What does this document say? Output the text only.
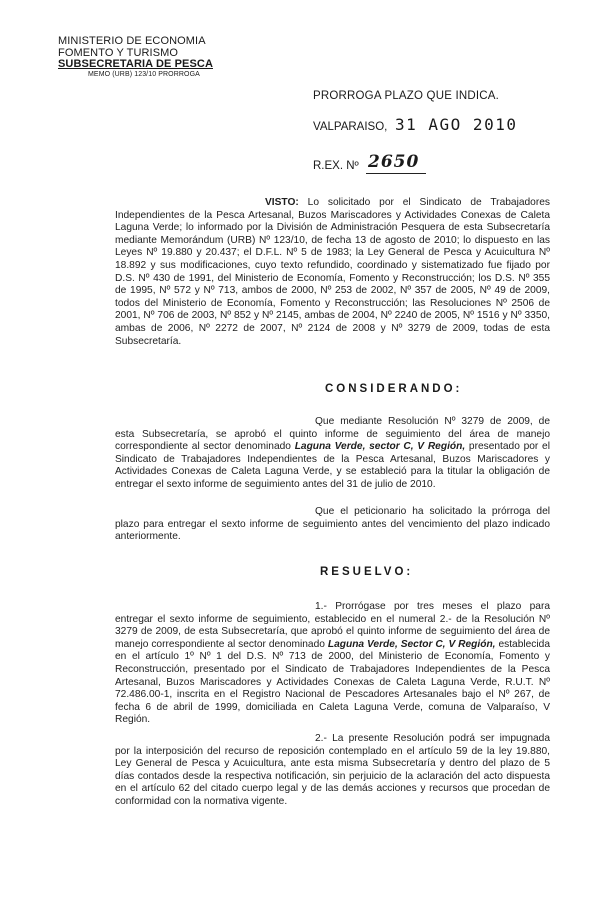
MINISTERIO DE ECONOMIA
FOMENTO Y TURISMO
SUBSECRETARIA DE PESCA
MEMO (URB) 123/10 PRORROGA
PRORROGA PLAZO QUE INDICA.
VALPARAISO, 31 AGO 2010
R.EX. Nº 2650
VISTO: Lo solicitado por el Sindicato de Trabajadores Independientes de la Pesca Artesanal, Buzos Mariscadores y Actividades Conexas de Caleta Laguna Verde; lo informado por la División de Administración Pesquera de esta Subsecretaría mediante Memorándum (URB) Nº 123/10, de fecha 13 de agosto de 2010; lo dispuesto en las Leyes Nº 19.880 y 20.437; el D.F.L. Nº 5 de 1983; la Ley General de Pesca y Acuicultura Nº 18.892 y sus modificaciones, cuyo texto refundido, coordinado y sistematizado fue fijado por D.S. Nº 430 de 1991, del Ministerio de Economía, Fomento y Reconstrucción; los D.S. Nº 355 de 1995, Nº 572 y Nº 713, ambos de 2000, Nº 253 de 2002, Nº 357 de 2005, Nº 49 de 2009, todos del Ministerio de Economía, Fomento y Reconstrucción; las Resoluciones Nº 2506 de 2001, Nº 706 de 2003, Nº 852 y Nº 2145, ambas de 2004, Nº 2240 de 2005, Nº 1516 y Nº 3350, ambas de 2006, Nº 2272 de 2007, Nº 2124 de 2008 y Nº 3279 de 2009, todas de esta Subsecretaría.
CONSIDERANDO:
Que mediante Resolución Nº 3279 de 2009, de esta Subsecretaría, se aprobó el quinto informe de seguimiento del área de manejo correspondiente al sector denominado Laguna Verde, sector C, V Región, presentado por el Sindicato de Trabajadores Independientes de la Pesca Artesanal, Buzos Mariscadores y Actividades Conexas de Caleta Laguna Verde, y se estableció para la titular la obligación de entregar el sexto informe de seguimiento antes del 31 de julio de 2010.
Que el peticionario ha solicitado la prórroga del plazo para entregar el sexto informe de seguimiento antes del vencimiento del plazo indicado anteriormente.
RESUELVO:
1.- Prorrógase por tres meses el plazo para entregar el sexto informe de seguimiento, establecido en el numeral 2.- de la Resolución Nº 3279 de 2009, de esta Subsecretaría, que aprobó el quinto informe de seguimiento del área de manejo correspondiente al sector denominado Laguna Verde, Sector C, V Región, establecida en el artículo 1º Nº 1 del D.S. Nº 713 de 2000, del Ministerio de Economía, Fomento y Reconstrucción, presentado por el Sindicato de Trabajadores Independientes de la Pesca Artesanal, Buzos Mariscadores y Actividades Conexas de Caleta Laguna Verde, R.U.T. Nº 72.486.00-1, inscrita en el Registro Nacional de Pescadores Artesanales bajo el Nº 267, de fecha 6 de abril de 1999, domiciliada en Caleta Laguna Verde, comuna de Valparaíso, V Región.
2.- La presente Resolución podrá ser impugnada por la interposición del recurso de reposición contemplado en el artículo 59 de la ley 19.880, Ley General de Pesca y Acuicultura, ante esta misma Subsecretaría y dentro del plazo de 5 días contados desde la respectiva notificación, sin perjuicio de la aclaración del acto dispuesta en el artículo 62 del citado cuerpo legal y de las demás acciones y recursos que procedan de conformidad con la normativa vigente.
